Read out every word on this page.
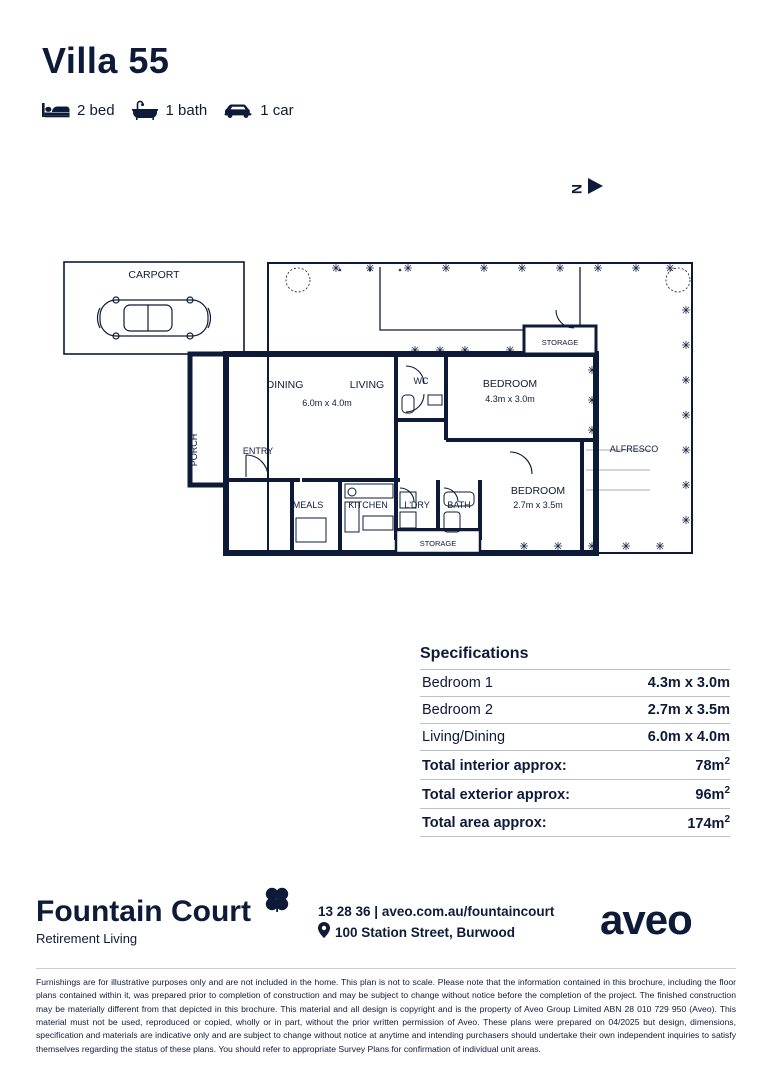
Villa 55
2 bed	1 bath	1 car
N
CARPORT
STORAGE
STORAGE
DINING	LIVING
6.0m x 4.0m
WC	BEDROOM
4.3m x 3.0m
ALFRESCO
PORCH	ENTRY
MEALS	KITCHEN L'DRY BATH
BEDROOM
2.7m x 3.5m
Specifications
Bedroom 1	4.3m x 3.0m
Bedroom 2	2.7m x 3.5m
Living/Dining	6.0m x 4.0m
Total interior approx:	$78m^2$
Total exterior approx:	$96m^2$
Total area approx:	$174m^2$
Fountain Court
Retirement Living
13 28 36 | aveo.com.au/fountaincourt
100 Station Street, Burwood aveo
Furnishings are for illustrative purposes only and are not included in the home. This plan is not to scale. Please note that the information contained in this brochure, including the floor plans contained within it, was prepared prior to completion of construction and may be subject to change without notice before the completion of the project. The finished construction may be materially different from that depicted in this brochure. This material and all design is copyright and is the property of Aveo Group Limited ABN 28 010 729 950 (Aveo). This material must not be used, reproduced or copied, wholly or in part, without the prior written permission of Aveo. These plans were prepared on 04/2025 but design, dimensions, specification and materials are indicative only and are subject to change without notice at anytime and intending purchasers should undertake their own independent inquiries to satisfy themselves regarding the status of these plans. You should refer to appropriate Survey Plans for confirmation of individual unit areas.
